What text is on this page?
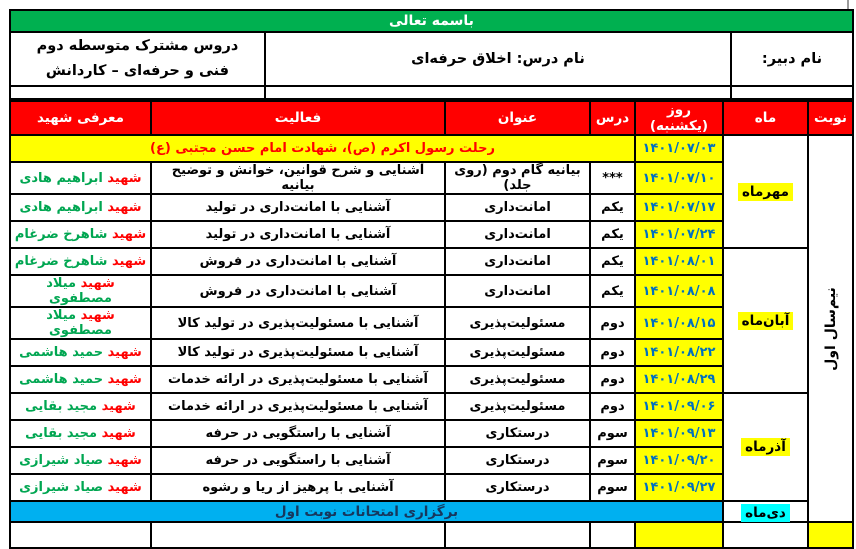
باسمه تعالی		
نام دبیر:	نام درس: اخلاق حرفه‌ای	دروس مشترک متوسطه دوم
فنی و حرفه‌ای – کاردانش

نوبت	ماه	روز (یکشنبه)	درس	عنوان	فعالیت	معرفی شهید

نیم‌سال اول	مهرماه	۱۴۰۱/۰۷/۰۳	رحلت رسول اکرم (ص)، شهادت امام حسن مجتبی (ع)			
		۱۴۰۱/۰۷/۱۰	***	بیانیه گام دوم (روی جلد)	آشنایی و شرح قوانین، خوانش و توضیح بیانیه	شهید ابراهیم هادی
		۱۴۰۱/۰۷/۱۷	یکم	امانت‌داری	آشنایی با امانت‌داری در تولید	شهید ابراهیم هادی
		۱۴۰۱/۰۷/۲۴	یکم	امانت‌داری	آشنایی با امانت‌داری در تولید	شهید شاهرخ ضرغام
	آبان‌ماه	۱۴۰۱/۰۸/۰۱	یکم	امانت‌داری	آشنایی با امانت‌داری در فروش	شهید شاهرخ ضرغام
		۱۴۰۱/۰۸/۰۸	یکم	امانت‌داری	آشنایی با امانت‌داری در فروش	شهید میلاد مصطفوی
		۱۴۰۱/۰۸/۱۵	دوم	مسئولیت‌پذیری	آشنایی با مسئولیت‌پذیری در تولید کالا	شهید میلاد مصطفوی
		۱۴۰۱/۰۸/۲۲	دوم	مسئولیت‌پذیری	آشنایی با مسئولیت‌پذیری در تولید کالا	شهید حمید هاشمی
		۱۴۰۱/۰۸/۲۹	دوم	مسئولیت‌پذیری	آشنایی با مسئولیت‌پذیری در ارائه خدمات	شهید حمید هاشمی
	آذرماه	۱۴۰۱/۰۹/۰۶	دوم	مسئولیت‌پذیری	آشنایی با مسئولیت‌پذیری در ارائه خدمات	شهید مجید بقایی
		۱۴۰۱/۰۹/۱۳	سوم	درستکاری	آشنایی با راستگویی در حرفه	شهید مجید بقایی
		۱۴۰۱/۰۹/۲۰	سوم	درستکاری	آشنایی با راستگویی در حرفه	شهید صیاد شیرازی
		۱۴۰۱/۰۹/۲۷	سوم	درستکاری	آشنایی با پرهیز از ریا و رشوه	شهید صیاد شیرازی
	دی‌ماه	برگزاری امتحانات نوبت اول				
